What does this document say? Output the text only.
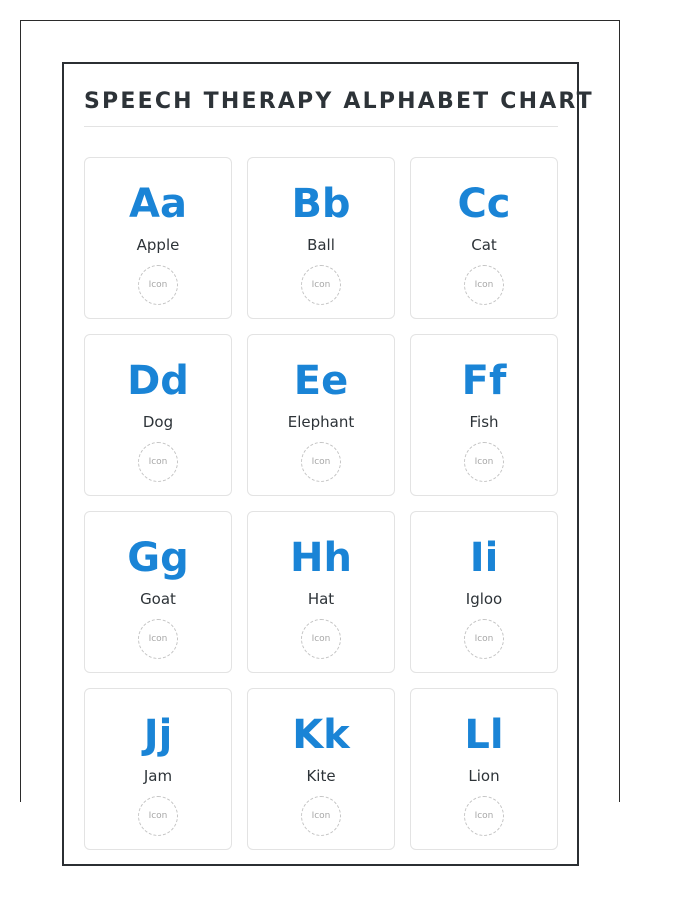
SPEECH THERAPY ALPHABET CHART
Aa
Apple
Icon
Bb
Ball
Icon
Cc
Cat
Icon
Dd
Dog
Icon
Ee
Elephant
Icon
Ff
Fish
Icon
Gg
Goat
Icon
Hh
Hat
Icon
Ii
Igloo
Icon
Jj
Jam
Icon
Kk
Kite
Icon
Ll
Lion
Icon
